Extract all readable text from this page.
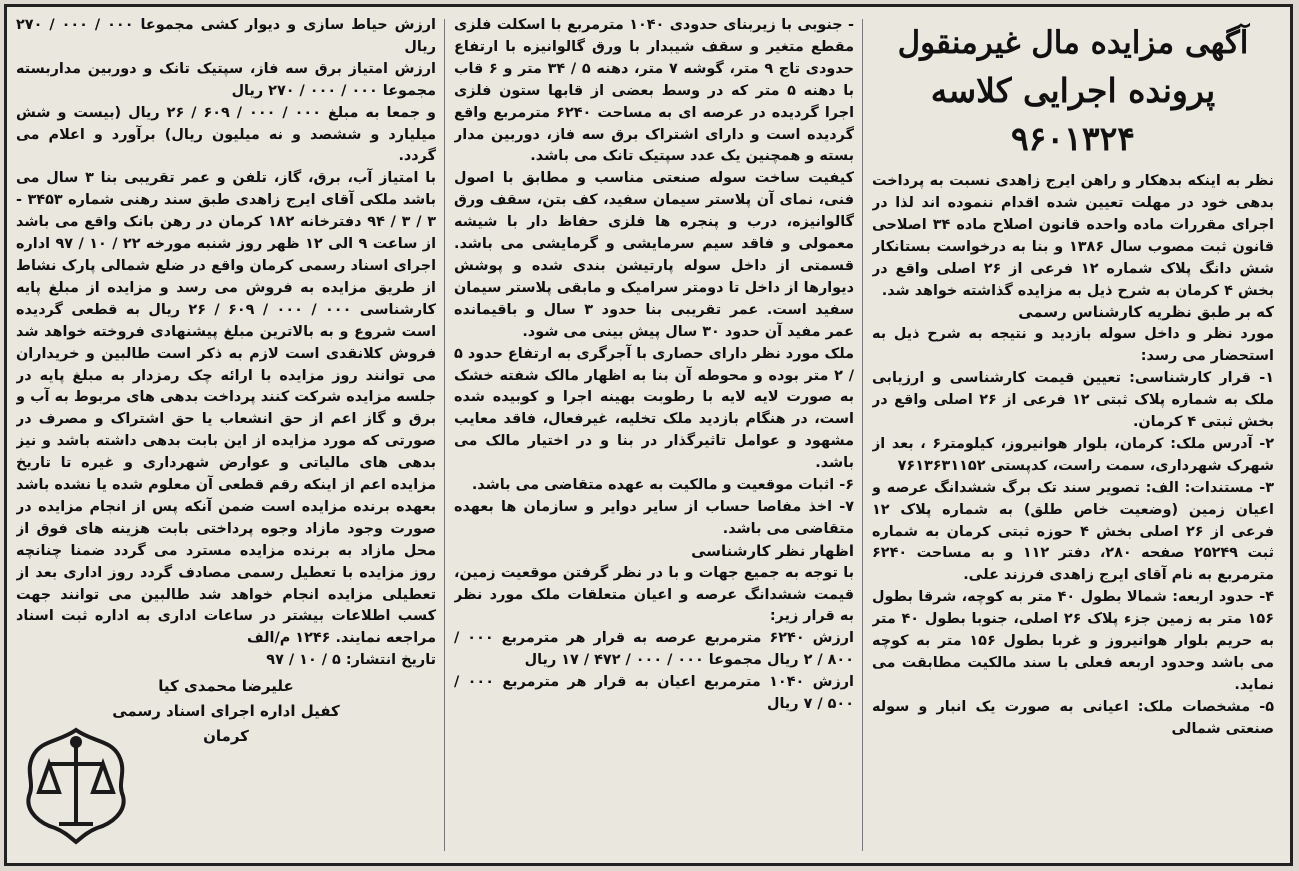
آگهی مزایده مال غیرمنقول
پرونده اجرایی کلاسه ۹۶۰۱۳۲۴

نظر به اینکه بدهکار و راهن ایرج زاهدی نسبت به پرداخت بدهی خود در مهلت تعیین شده اقدام ننموده اند لذا در اجرای مقررات ماده واحده قانون اصلاح ماده ۳۴ اصلاحی قانون ثبت مصوب سال ۱۳۸۶ و بنا به درخواست بستانکار شش دانگ پلاک شماره ۱۲ فرعی از ۲۶ اصلی واقع در بخش ۴ کرمان به شرح ذیل به مزایده گذاشته خواهد شد.

که بر طبق نظریه کارشناس رسمی

مورد نظر و داخل سوله بازدید و نتیجه به شرح ذیل به استحضار می رسد:

۱- قرار کارشناسی: تعیین قیمت کارشناسی و ارزیابی ملک به شماره پلاک ثبتی ۱۲ فرعی از ۲۶ اصلی واقع در بخش ثبتی ۴ کرمان.

۲- آدرس ملک: کرمان، بلوار هوانیروز، کیلومتر۶ ، بعد از شهرک شهرداری، سمت راست، کدپستی ۷۶۱۳۶۳۱۱۵۲

۳- مستندات: الف: تصویر سند تک برگ ششدانگ عرصه و اعیان زمین (وضعیت خاص طلق) به شماره پلاک ۱۲ فرعی از ۲۶ اصلی بخش ۴ حوزه ثبتی کرمان به شماره ثبت ۲۵۲۴۹ صفحه ۲۸۰، دفتر ۱۱۲ و به مساحت ۶۲۴۰ مترمربع به نام آقای ایرج زاهدی فرزند علی.

۴- حدود اربعه: شمالا بطول ۴۰ متر به کوچه، شرقا بطول ۱۵۶ متر به زمین جزء پلاک ۲۶ اصلی، جنوبا بطول ۴۰ متر به حریم بلوار هوانیروز و غربا بطول ۱۵۶ متر به کوچه می باشد وحدود اربعه فعلی با سند مالکیت مطابقت می نماید.

۵- مشخصات ملک: اعیانی به صورت یک انبار و سوله صنعتی شمالی

- جنوبی با زیربنای حدودی ۱۰۴۰ مترمربع با اسکلت فلزی مقطع متغیر و سقف شیبدار با ورق گالوانیزه با ارتفاع حدودی تاج ۹ متر، گوشه ۷ متر، دهنه ۵ / ۳۴ متر و ۶ قاب با دهنه ۵ متر که در وسط بعضی از قابها ستون فلزی اجرا گردیده در عرصه ای به مساحت ۶۲۴۰ مترمربع واقع گردیده است و دارای اشتراک برق سه فاز، دوربین مدار بسته و همچنین یک عدد سپتیک تانک می باشد.

کیفیت ساخت سوله صنعتی مناسب و مطابق با اصول فنی، نمای آن پلاستر سیمان سفید، کف بتن، سقف ورق گالوانیزه، درب و پنجره ها فلزی حفاظ دار با شیشه معمولی و فاقد سیم سرمایشی و گرمایشی می باشد. قسمتی از داخل سوله پارتیشن بندی شده و پوشش دیوارها از داخل تا دومتر سرامیک و مابقی پلاستر سیمان سفید است. عمر تقریبی بنا حدود ۳ سال و باقیمانده عمر مفید آن حدود ۳۰ سال پیش بینی می شود.

ملک مورد نظر دارای حصاری با آجرگری به ارتفاع حدود ۵ / ۲ متر بوده و محوطه آن بنا به اظهار مالک شفته خشک به صورت لایه لایه با رطوبت بهینه اجرا و کوبیده شده است، در هنگام بازدید ملک تخلیه، غیرفعال، فاقد معایب مشهود و عوامل تاثیرگذار در بنا و در اختیار مالک می باشد.

۶- اثبات موقعیت و مالکیت به عهده متقاضی می باشد.

۷- اخذ مفاصا حساب از سایر دوایر و سازمان ها بعهده متقاضی می باشد.

اظهار نظر کارشناسی

با توجه به جمیع جهات و با در نظر گرفتن موقعیت زمین، قیمت ششدانگ عرصه و اعیان متعلقات ملک مورد نظر به قرار زیر:

ارزش ۶۲۴۰ مترمربع عرصه به قرار هر مترمربع ۰۰۰ / ۸۰۰ / ۲ ریال مجموعا ۰۰۰ / ۰۰۰ / ۴۷۲ / ۱۷ ریال

ارزش ۱۰۴۰ مترمربع اعیان به قرار هر مترمربع ۰۰۰ / ۵۰۰ / ۷ ریال

ارزش حیاط سازی و دیوار کشی مجموعا ۰۰۰ / ۰۰۰ / ۲۷۰ ریال

ارزش امتیاز برق سه فاز، سپتیک تانک و دوربین مداربسته مجموعا ۰۰۰ / ۰۰۰ / ۲۷۰ ریال

و جمعا به مبلغ ۰۰۰ / ۰۰۰ / ۶۰۹ / ۲۶ ریال (بیست و شش میلیارد و ششصد و نه میلیون ریال) برآورد و اعلام می گردد.

با امتیاز آب، برق، گاز، تلفن و عمر تقریبی بنا ۳ سال می باشد ملکی آقای ایرج زاهدی طبق سند رهنی شماره ۳۴۵۳ - ۳ / ۳ / ۹۴ دفترخانه ۱۸۲ کرمان در رهن بانک واقع می باشد از ساعت ۹ الی ۱۲ ظهر روز شنبه مورخه ۲۲ / ۱۰ / ۹۷ اداره اجرای اسناد رسمی کرمان واقع در ضلع شمالی پارک نشاط از طریق مزایده به فروش می رسد و مزایده از مبلغ پایه کارشناسی ۰۰۰ / ۰۰۰ / ۶۰۹ / ۲۶ ریال به قطعی گردیده است شروع و به بالاترین مبلغ پیشنهادی فروخته خواهد شد فروش کلانقدی است لازم به ذکر است طالبین و خریداران می توانند روز مزایده با ارائه چک رمزدار به مبلغ پایه در جلسه مزایده شرکت کنند پرداخت بدهی های مربوط به آب و برق و گاز اعم از حق انشعاب یا حق اشتراک و مصرف در صورتی که مورد مزایده از این بابت بدهی داشته باشد و نیز بدهی های مالیاتی و عوارض شهرداری و غیره تا تاریخ مزایده اعم از اینکه رقم قطعی آن معلوم شده یا نشده باشد بعهده برنده مزایده است ضمن آنکه پس از انجام مزایده در صورت وجود مازاد وجوه پرداختی بابت هزینه های فوق از محل مازاد به برنده مزایده مسترد می گردد ضمنا چنانچه روز مزایده با تعطیل رسمی مصادف گردد روز اداری بعد از تعطیلی مزایده انجام خواهد شد طالبین می توانند جهت کسب اطلاعات بیشتر در ساعات اداری به اداره ثبت اسناد مراجعه نمایند. ۱۲۴۶ م/الف

تاریخ انتشار: ۵ / ۱۰ / ۹۷

علیرضا محمدی کیا
کفیل اداره اجرای اسناد رسمی
کرمان
